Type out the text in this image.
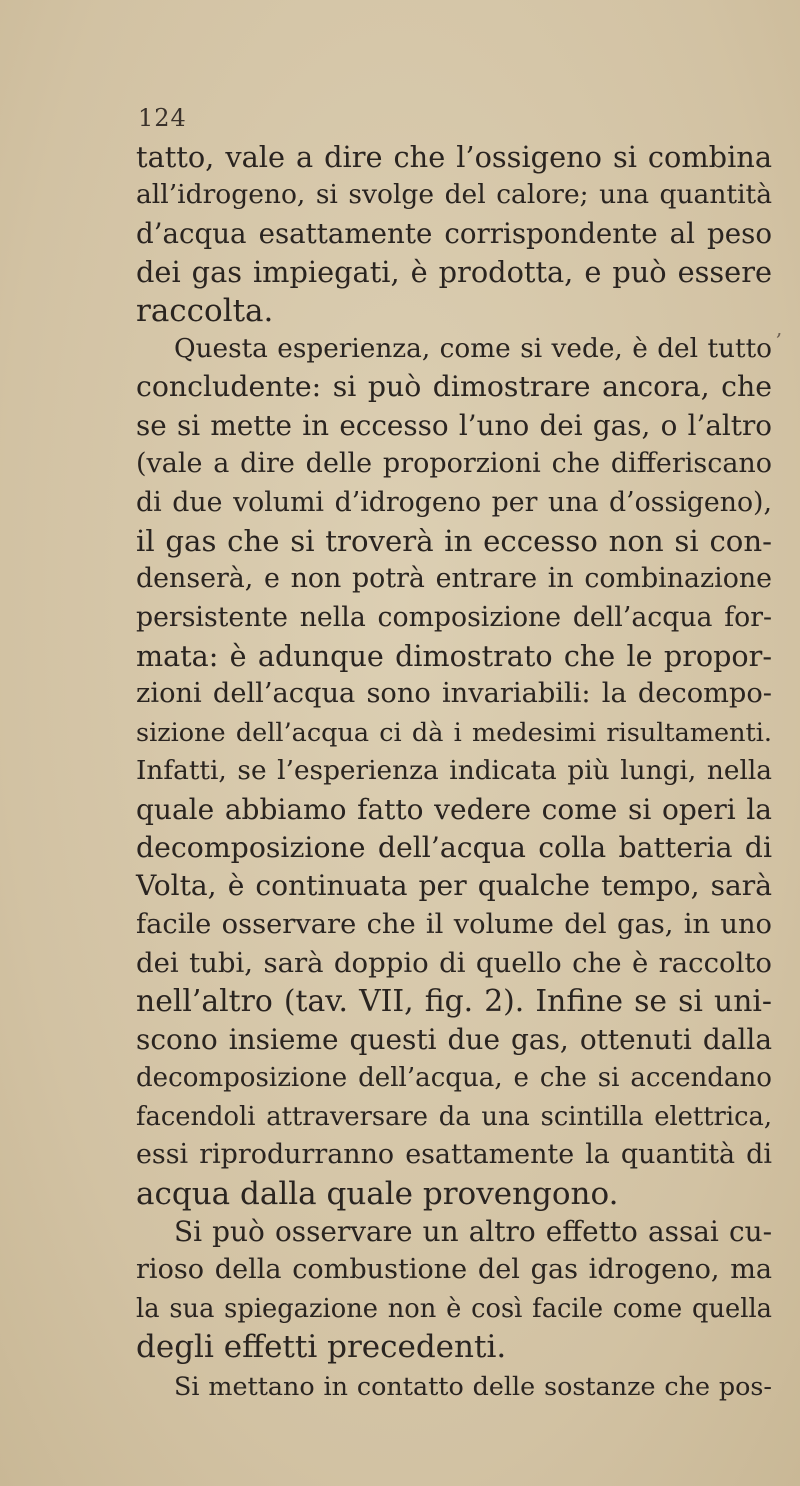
124
tatto, vale a dire che l’ossigeno si combina
all’idrogeno, si svolge del calore; una quantità
d’acqua esattamente corrispondente al peso
dei gas impiegati, è prodotta, e può essere
raccolta.
Questa esperienza, come si vede, è del tutto
concludente: si può dimostrare ancora, che
se si mette in eccesso l’uno dei gas, o l’altro
(vale a dire delle proporzioni che differiscano
di due volumi d’idrogeno per una d’ossigeno),
il gas che si troverà in eccesso non si con-
denserà, e non potrà entrare in combinazione
persistente nella composizione dell’acqua for-
mata: è adunque dimostrato che le propor-
zioni dell’acqua sono invariabili: la decompo-
sizione dell’acqua ci dà i medesimi risultamenti.
Infatti, se l’esperienza indicata più lungi, nella
quale abbiamo fatto vedere come si operi la
decomposizione dell’acqua colla batteria di
Volta, è continuata per qualche tempo, sarà
facile osservare che il volume del gas, in uno
dei tubi, sarà doppio di quello che è raccolto
nell’altro (tav. VII, fig. 2). Infine se si uni-
scono insieme questi due gas, ottenuti dalla
decomposizione dell’acqua, e che si accendano
facendoli attraversare da una scintilla elettrica,
essi riprodurranno esattamente la quantità di
acqua dalla quale provengono.
Si può osservare un altro effetto assai cu-
rioso della combustione del gas idrogeno, ma
la sua spiegazione non è così facile come quella
degli effetti precedenti.
Si mettano in contatto delle sostanze che pos-
,
